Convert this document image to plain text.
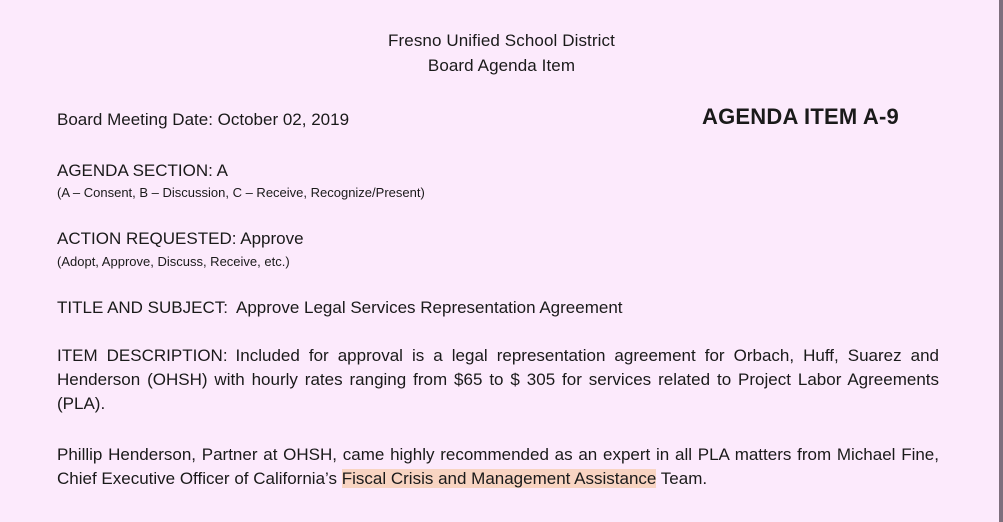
Fresno Unified School District
Board Agenda Item
Board Meeting Date: October 02, 2019	AGENDA ITEM A-9
AGENDA SECTION: A
(A – Consent, B – Discussion, C – Receive, Recognize/Present)
ACTION REQUESTED: Approve
(Adopt, Approve, Discuss, Receive, etc.)
TITLE AND SUBJECT: Approve Legal Services Representation Agreement
ITEM DESCRIPTION: Included for approval is a legal representation agreement for Orbach, Huff, Suarez and Henderson (OHSH) with hourly rates ranging from $65 to $ 305 for services related to Project Labor Agreements (PLA).
Phillip Henderson, Partner at OHSH, came highly recommended as an expert in all PLA matters from Michael Fine, Chief Executive Officer of California’s Fiscal Crisis and Management Assistance Team.
